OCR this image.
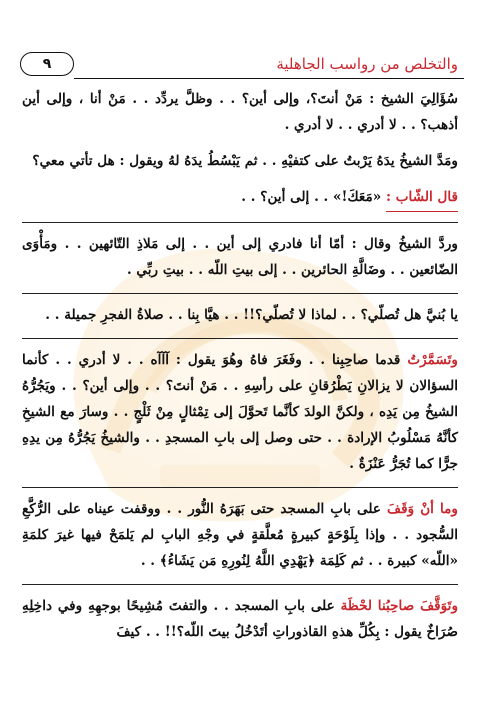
٩	والتخلص من رواسب الجاهلية

سُؤَالِيَ الشيخ : مَنْ أنتَ؟، وإلى أين؟ . . وظلَّ يردِّد . . مَنْ أنا ، وإلى أين أذهب؟ . . لا أدري . . لا أدري .

ومَدَّ الشيخُ يدَهُ يَرْبتُ على كتفيْهِ . . ثم يَبْسُطُ يدَهُ لهُ ويقول : هل تأتي معي؟

قال الشّاب : «مَعَكَ!» . . إلى أين؟ . .

وردَّ الشيخُ وقال : أمّا أنا فادري إلى أين . . إلى مَلاذِ التّائهين . . ومَأْوَى الضّائعين . . وضَالَّةِ الحائرين . . إلى بيتِ اللّه . . بيتِ ربِّي .

يا بُنيَّ هل تُصلّي؟ . . لماذا لا تُصلّي؟!! . . هيَّا بِنا . . صلاةُ الفجرِ جميلة . .

وتَسَمَّرْتُ قدما صاحِبِنا . . وفَغَرَ فاهُ وهُوَ يقول : آآآه . . لا أدري . . كأنما السؤالان لا يزالانِ يَطْرُقانِ على رأسِهِ . . مَنْ أنتَ؟ . . وإلى أين؟ . . ويَجُرُّهُ الشيخُ مِن يَدِه ، ولكنَّ الولدَ كأنَّما تَحوَّلَ إلى تِمْثالٍ مِنْ ثَلْجٍ . . وسارَ مع الشيخِ كأنَّهُ مَسْلُوبُ الإرادة . . حتى وصل إلى بابِ المسجدِ . . والشيخُ يَجُرُّهُ مِن يدِهِ جرًّا كما تُجَرُّ عَنْزَةٌ .

وما أنْ وَقَفَ على بابِ المسجد حتى بَهَرَهُ النُّور . . ووقفت عيناه على الرُّكَّعِ السُّجود . . وإذا بِلَوْحَةٍ كبيرةٍ مُعلَّقةٍ في وجْهِ البابِ لم يَلمَحْ فيها غيرَ كلمَةِ «اللّه» كبيرة . . ثم كَلِمَة ﴿يَهْدِي اللَّهُ لِنُورِهِ مَن يَشَاءُ﴾ . .

وتَوَقَّفَ صاحِبُنا لحْظَة على بابِ المسجد . . والتفتَ مُشِيحًا بوجهِهِ وفي داخِلِهِ صُرَاخٌ يقول : بِكُلِّ هذهِ القاذوراتِ أتَدْخُلُ بيتَ اللّه؟!! . . كيفَ
